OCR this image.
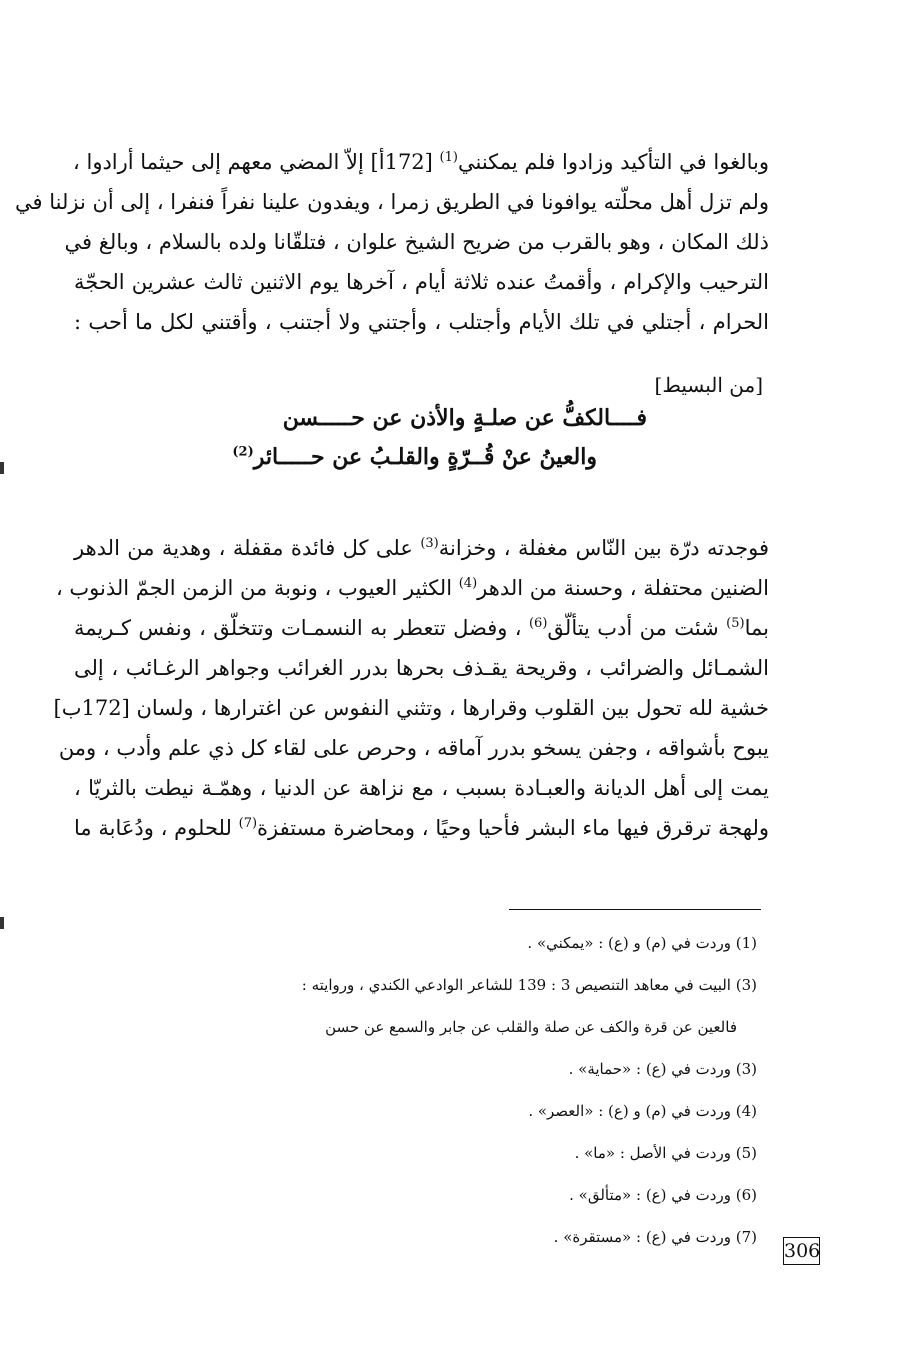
وبالغوا في التأكيد وزادوا فلم يمكنني$^{(1)}$ [172أ] إلاّ المضي معهم إلى حيثما أرادوا ،
ولم تزل أهل محلّته يوافونا في الطريق زمرا ، ويفدون علينا نفراً فنفرا ، إلى أن نزلنا في
ذلك المكان ، وهو بالقرب من ضريح الشيخ علوان ، فتلقّانا ولده بالسلام ، وبالغ في
الترحيب والإكرام ، وأقمتُ عنده ثلاثة أيام ، آخرها يوم الاثنين ثالث عشرين الحجّة
الحرام ، أجتلي في تلك الأيام وأجتلب ، وأجتني ولا أجتنب ، وأقتني لكل ما أحب :
[من البسيط]
فــــالكفُّ عن صلـةٍ والأذن عن حـــــسن
والعينُ عنْ قُــرّةٍ والقلـبُ عن حـــــائر$^{(2)}$
فوجدته درّة بين النّاس مغفلة ، وخزانة$^{(3)}$ على كل فائدة مقفلة ، وهدية من الدهر
الضنين محتفلة ، وحسنة من الدهر$^{(4)}$ الكثير العيوب ، ونوبة من الزمن الجمّ الذنوب ،
بما$^{(5)}$ شئت من أدب يتألّق$^{(6)}$ ، وفضل تتعطر به النسمـات وتتخلّق ، ونفس كـريمة
الشمـائل والضرائب ، وقريحة يقـذف بحرها بدرر الغرائب وجواهر الرغـائب ، إلى
خشية لله تحول بين القلوب وقرارها ، وتثني النفوس عن اغترارها ، ولسان [172ب]
يبوح بأشواقه ، وجفن يسخو بدرر آماقه ، وحرص على لقاء كل ذي علم وأدب ، ومن
يمت إلى أهل الديانة والعبـادة بسبب ، مع نزاهة عن الدنيا ، وهمّـة نيطت بالثريّا ،
ولهجة ترقرق فيها ماء البشر فأحيا وحيًا ، ومحاضرة مستفزة$^{(7)}$ للحلوم ، ودُعَابة ما
(1) وردت في (م) و (ع) : «يمكني» .
(3) البيت في معاهد التنصيص 3 : 139 للشاعر الوادعي الكندي ، وروايته :
فالعين عن قرة والكف عن صلة والقلب عن جابر والسمع عن حسن
(3) وردت في (ع) : «حماية» .
(4) وردت في (م) و (ع) : «العصر» .
(5) وردت في الأصل : «ما» .
(6) وردت في (ع) : «متألق» .
(7) وردت في (ع) : «مستقرة» .
306
